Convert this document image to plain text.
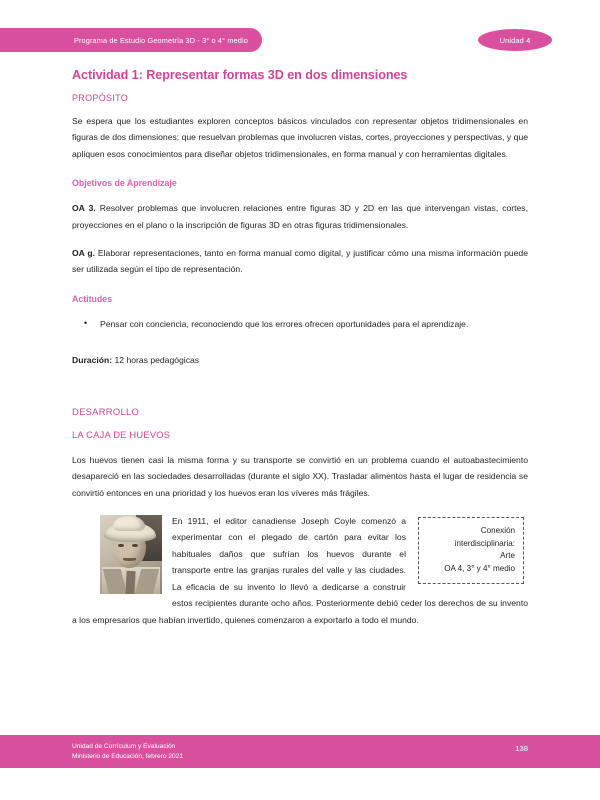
Programa de Estudio Geometría 3D - 3° o 4° medio	Unidad 4
Actividad 1: Representar formas 3D en dos dimensiones
PROPÓSITO

Se espera que los estudiantes exploren conceptos básicos vinculados con representar objetos tridimensionales en figuras de dos dimensiones; que resuelvan problemas que involucren vistas, cortes, proyecciones y perspectivas, y que apliquen esos conocimientos para diseñar objetos tridimensionales, en forma manual y con herramientas digitales.

Objetivos de Aprendizaje

OA 3. Resolver problemas que involucren relaciones entre figuras 3D y 2D en las que intervengan vistas, cortes, proyecciones en el plano o la inscripción de figuras 3D en otras figuras tridimensionales.

OA g. Elaborar representaciones, tanto en forma manual como digital, y justificar cómo una misma información puede ser utilizada según el tipo de representación.

Actitudes
• Pensar con conciencia, reconociendo que los errores ofrecen oportunidades para el aprendizaje.

Duración: 12 horas pedagógicas

DESARROLLO
LA CAJA DE HUEVOS

Los huevos tienen casi la misma forma y su transporte se convirtió en un problema cuando el autoabastecimiento desapareció en las sociedades desarrolladas (durante el siglo XX). Trasladar alimentos hasta el lugar de residencia se convirtió entonces en una prioridad y los huevos eran los víveres más frágiles.

Conexión
interdisciplinaria:
Arte
OA 4, 3° y 4° medio

En 1911, el editor canadiense Joseph Coyle comenzó a experimentar con el plegado de cartón para evitar los habituales daños que sufrían los huevos durante el transporte entre las granjas rurales del valle y las ciudades. La eficacia de su invento lo llevó a dedicarse a construir estos recipientes durante ocho años. Posteriormente debió ceder los derechos de su invento a los empresarios que habían invertido, quienes comenzaron a exportarlo a todo el mundo.

Unidad de Currículum y Evaluación
Ministerio de Educación, febrero 2021
138
